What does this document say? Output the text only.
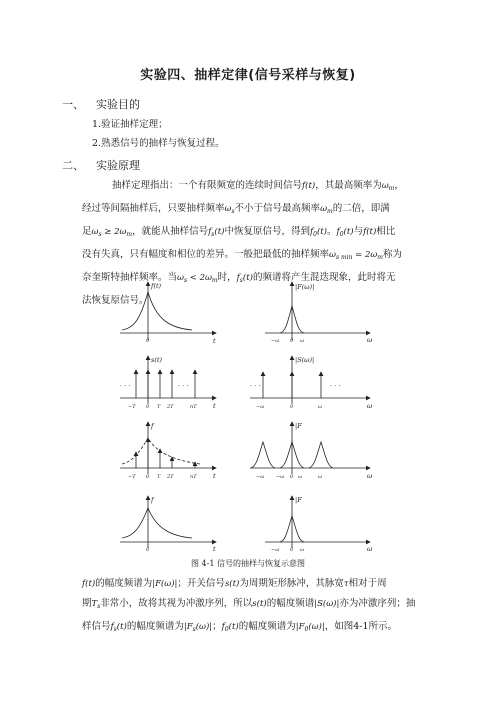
实验四、抽样定律(信号采样与恢复)
一、 实验目的
1.验证抽样定理；
2.熟悉信号的抽样与恢复过程。
二、 实验原理
抽样定理指出：一个有限频宽的连续时间信号f(t)，其最高频率为$\omega_m$，
经过等间隔抽样后，只要抽样频率$\omega_s$不小于信号最高频率$\omega_m$的二倍，即满
足$\omega_s \ge 2\omega_m$，就能从抽样信号$f_s(t)$中恢复原信号，得到$f_0(t)$。$f_0(t)$与f(t)相比
没有失真，只有幅度和相位的差异。一般把最低的抽样频率$\omega_{s min} = 2\omega_m$称为
奈奎斯特抽样频率。当$\omega_s < 2\omega_m$时，$f_s(t)$的频谱将产生混迭现象，此时将无
法恢复原信号。
f(t)
t
0
|F(ω)|
ω
−ω 0 ω
s(t)
· · ·	· · ·
t
−T 0 T 2T	nT
|S(ω)|
· · ·	· · ·
ω
−ω	0	ω
f
t
−T 0 T 2T	nT
|F
ω
−ω −ω 0 ω	ω
f
t
0
|F
ω
−ω 0 ω
图 4-1 信号的抽样与恢复示意图
f(t)的幅度频谱为|F(ω)|；开关信号s(t)为周期矩形脉冲，其脉宽τ相对于周
期$T_s$非常小，故将其视为冲激序列，所以s(t)的幅度频谱|S(ω)|亦为冲激序列；抽
样信号$f_s(t)$的幅度频谱为$|F_s(\omega)|$；$f_0(t)$的幅度频谱为$|F_0(\omega)|$，如图4-1所示。
